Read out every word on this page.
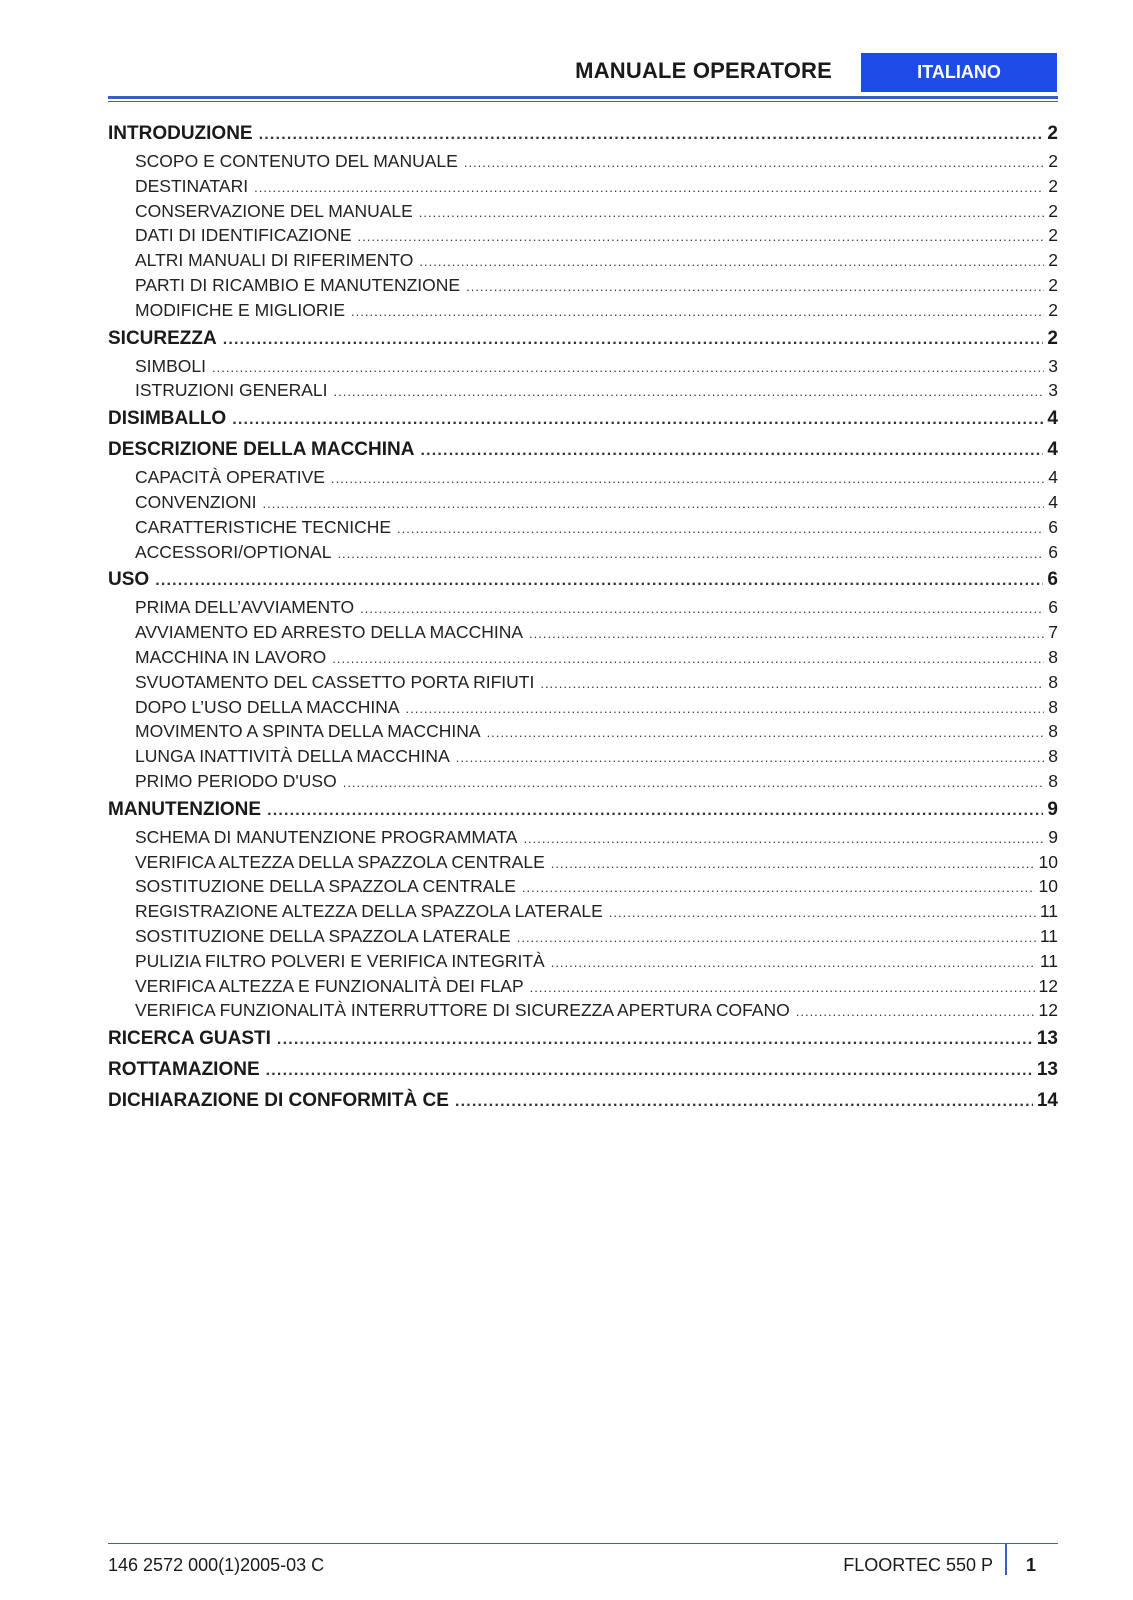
MANUALE OPERATORE	ITALIANO
INTRODUZIONE .....	2
SCOPO E CONTENUTO DEL MANUALE .....	2
DESTINATARI .....	2
CONSERVAZIONE DEL MANUALE .....	2
DATI DI IDENTIFICAZIONE .....	2
ALTRI MANUALI DI RIFERIMENTO .....	2
PARTI DI RICAMBIO E MANUTENZIONE .....	2
MODIFICHE E MIGLIORIE .....	2
SICUREZZA .....	2
SIMBOLI .....	3
ISTRUZIONI GENERALI .....	3
DISIMBALLO .....	4
DESCRIZIONE DELLA MACCHINA .....	4
CAPACITÀ OPERATIVE .....	4
CONVENZIONI .....	4
CARATTERISTICHE TECNICHE .....	6
ACCESSORI/OPTIONAL .....	6
USO .....	6
PRIMA DELL’AVVIAMENTO .....	6
AVVIAMENTO ED ARRESTO DELLA MACCHINA .....	7
MACCHINA IN LAVORO .....	8
SVUOTAMENTO DEL CASSETTO PORTA RIFIUTI .....	8
DOPO L’USO DELLA MACCHINA .....	8
MOVIMENTO A SPINTA DELLA MACCHINA .....	8
LUNGA INATTIVITÀ DELLA MACCHINA .....	8
PRIMO PERIODO D'USO .....	8
MANUTENZIONE .....	9
SCHEMA DI MANUTENZIONE PROGRAMMATA .....	9
VERIFICA ALTEZZA DELLA SPAZZOLA CENTRALE .....	10
SOSTITUZIONE DELLA SPAZZOLA CENTRALE .....	10
REGISTRAZIONE ALTEZZA DELLA SPAZZOLA LATERALE .....	11
SOSTITUZIONE DELLA SPAZZOLA LATERALE .....	11
PULIZIA FILTRO POLVERI E VERIFICA INTEGRITÀ .....	11
VERIFICA ALTEZZA E FUNZIONALITÀ DEI FLAP .....	12
VERIFICA FUNZIONALITÀ INTERRUTTORE DI SICUREZZA APERTURA COFANO .....	12
RICERCA GUASTI .....	13
ROTTAMAZIONE .....	13
DICHIARAZIONE DI CONFORMITÀ CE .....	14
146 2572 000(1)2005-03 C	FLOORTEC 550 P	1
